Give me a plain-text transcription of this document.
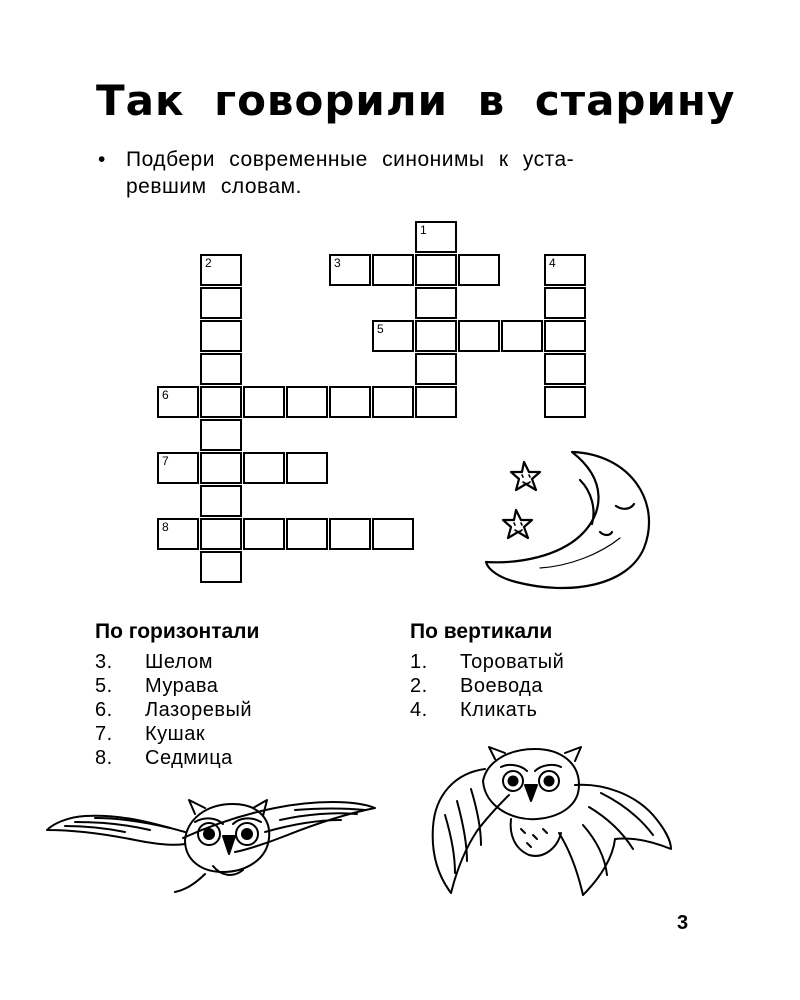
Так говорили в старину
• Подбери современные синонимы к уста-
ревшим словам.
1
2	3	4
5
6
7
8
По горизонтали	По вертикали
3. Шелом
5. Мурава
6. Лазоревый
7. Кушак
8. Седмица
1. Тороватый
2. Воевода
4. Кликать
3
